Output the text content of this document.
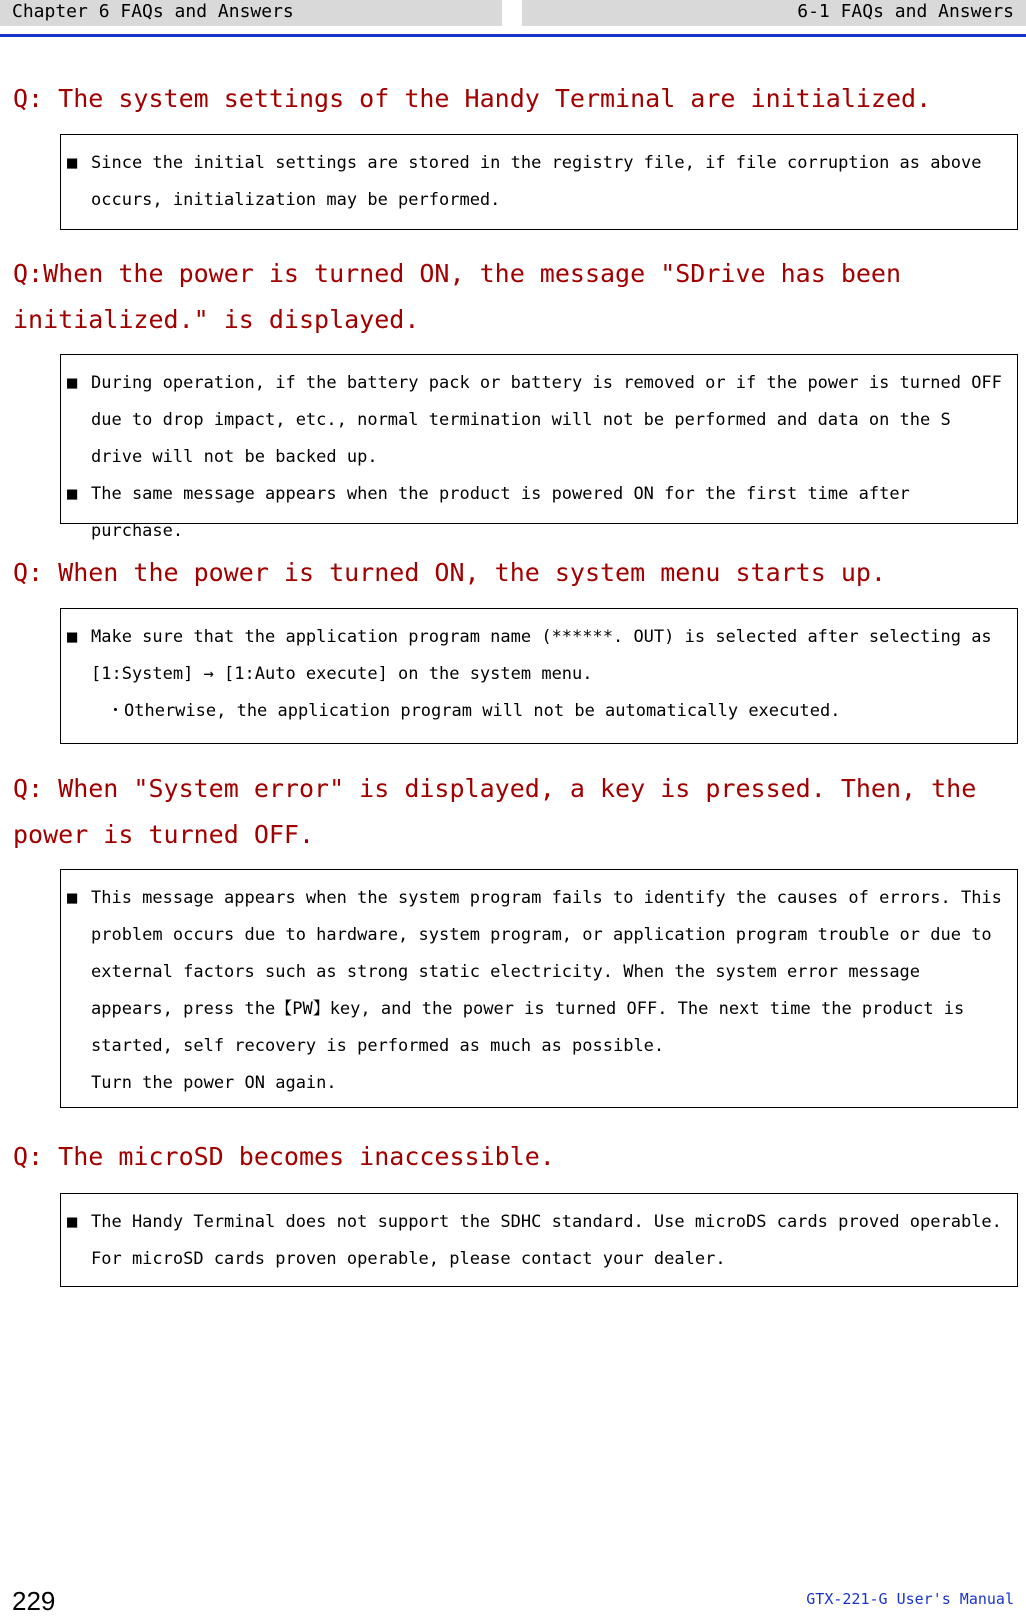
Chapter 6 FAQs and Answers	6-1 FAQs and Answers
Q: The system settings of the Handy Terminal are initialized.
■ Since the initial settings are stored in the registry file, if file corruption as above occurs, initialization may be performed.
Q:When the power is turned ON, the message "SDrive has been initialized." is displayed.
■ During operation, if the battery pack or battery is removed or if the power is turned OFF due to drop impact, etc., normal termination will not be performed and data on the S drive will not be backed up.
■ The same message appears when the product is powered ON for the first time after purchase.
Q: When the power is turned ON, the system menu starts up.
■ Make sure that the application program name (******. OUT) is selected after selecting as [1:System] → [1:Auto execute] on the system menu.
・Otherwise, the application program will not be automatically executed.
Q: When "System error" is displayed, a key is pressed. Then, the power is turned OFF.
■ This message appears when the system program fails to identify the causes of errors. This problem occurs due to hardware, system program, or application program trouble or due to external factors such as strong static electricity. When the system error message appears, press the【PW】key, and the power is turned OFF. The next time the product is started, self recovery is performed as much as possible.
Turn the power ON again.
Q: The microSD becomes inaccessible.
■ The Handy Terminal does not support the SDHC standard. Use microDS cards proved operable. For microSD cards proven operable, please contact your dealer.
229	GTX-221-G User's Manual
